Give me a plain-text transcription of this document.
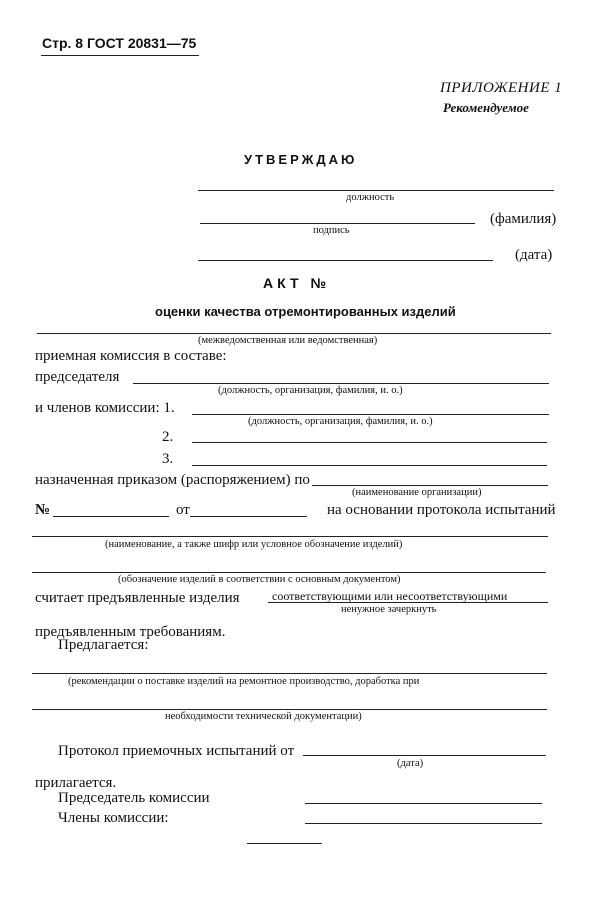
Стр. 8 ГОСТ 20831—75
ПРИЛОЖЕНИЕ 1
Рекомендуемое
УТВЕРЖДАЮ
должность
(фамилия)
подпись
(дата)
АКТ №
оценки качества отремонтированных изделий
(межведомственная или ведомственная)
приемная комиссия в составе:
председателя
(должность, организация, фамилия, и. о.)
и членов комиссии: 1.
(должность, организация, фамилия, и. о.)
2.
3.
назначенная приказом (распоряжением) по
(наименование организации)
№	от	на основании протокола испытаний
(наименование, а также шифр или условное обозначение изделий)
(обозначение изделий в соответствии с основным документом)
считает предъявленные изделия	соответствующими или несоответствующими
ненужное зачеркнуть
предъявленным требованиям.
Предлагается:
(рекомендации о поставке изделий на ремонтное производство, доработка при
необходимости технической документации)
Протокол приемочных испытаний от
(дата)
прилагается.
Председатель комиссии
Члены комиссии:
